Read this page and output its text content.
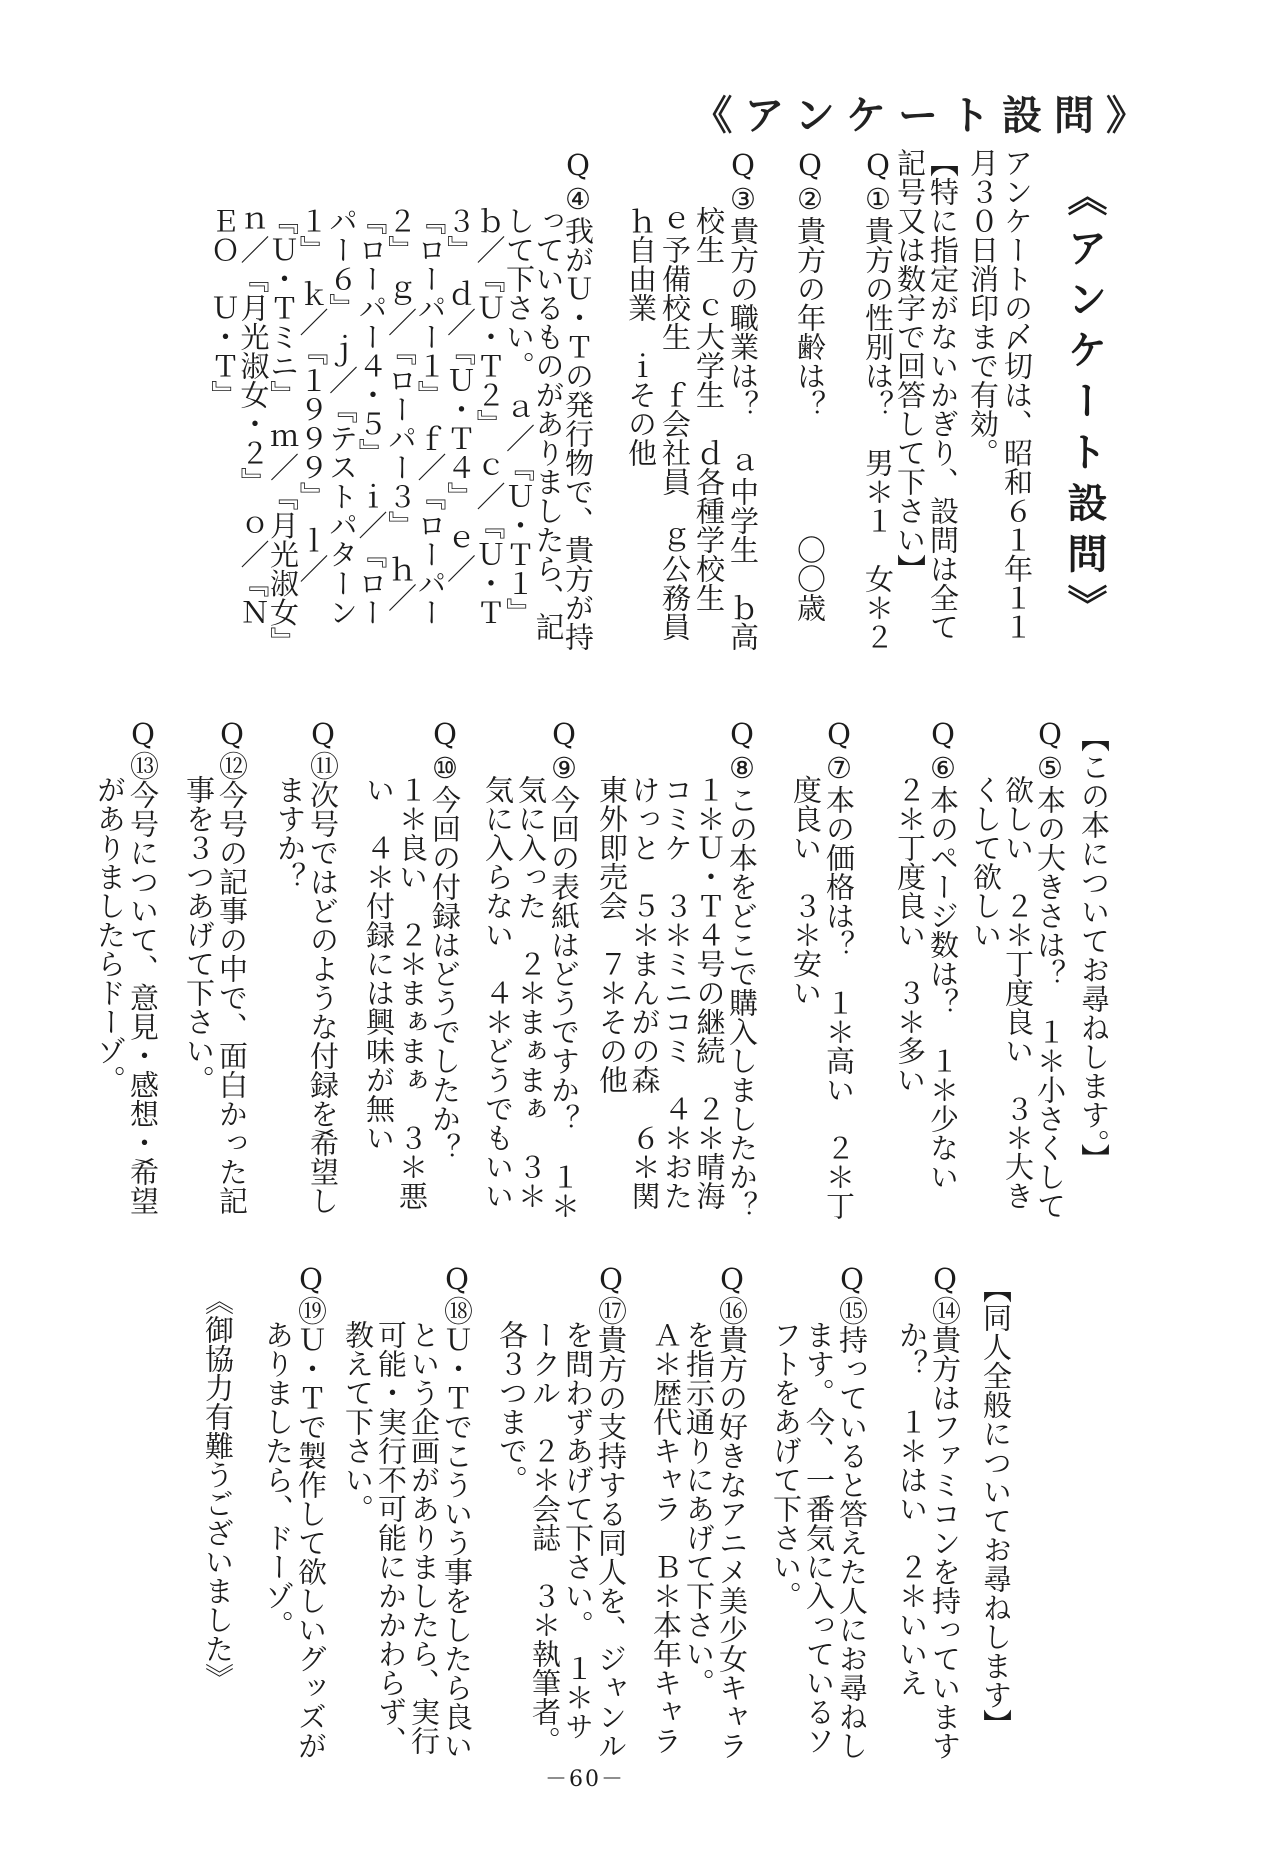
《アンケート設問》
《アンケート設問》
アンケートの〆切は、昭和６１年１１
月３０日消印まで有効。
【特に指定がないかぎり、設問は全て
記号又は数字で回答して下さい】
Q①貴方の性別は？　男＊１　女＊２
Q②貴方の年齢は？　　　　〇〇歳
Q③貴方の職業は？　ａ中学生　ｂ高
校生　ｃ大学生　ｄ各種学校生
ｅ予備校生　ｆ会社員　ｇ公務員
ｈ自由業　ｉその他
Q④我がＵ・Ｔの発行物で、貴方が持
っているものがありましたら、記
して下さい。　ａ／『Ｕ・Ｔ１』
ｂ／『Ｕ・Ｔ２』　ｃ／『Ｕ・Ｔ
３』　ｄ／『Ｕ・Ｔ４』　ｅ／
『ローパー１』　ｆ／『ローパー
２』　ｇ／『ローパー３』　ｈ／
『ローパー４・５』　ｉ／『ロー
パー６』　ｊ／『テストパターン
１』　ｋ／『１９９９』　ｌ／
『Ｕ・Ｔミニ』　ｍ／『月光淑女』
ｎ／『月光淑女・２』　ｏ／『Ｎ
ＥＯ　Ｕ・Ｔ』
【この本についてお尋ねします。】
Q⑤本の大きさは？　１＊小さくして
欲しい　２＊丁度良い　３＊大き
くして欲しい
Q⑥本のページ数は？　１＊少ない
２＊丁度良い　３＊多い
Q⑦本の価格は？　１＊高い　２＊丁
度良い　３＊安い
Q⑧この本をどこで購入しましたか？
１＊Ｕ・Ｔ４号の継続　２＊晴海
コミケ　３＊ミニコミ　４＊おた
けっと　５＊まんがの森　６＊関
東外即売会　７＊その他
Q⑨今回の表紙はどうですか？　１＊
気に入った　２＊まぁまぁ　３＊
気に入らない　４＊どうでもいい
Q⑩今回の付録はどうでしたか？
１＊良い　２＊まぁまぁ　３＊悪
い　４＊付録には興味が無い
Q⑪次号ではどのような付録を希望し
ますか？
Q⑫今号の記事の中で、面白かった記
事を３つあげて下さい。
Q⑬今号について、意見・感想・希望
がありましたらドーゾ。
【同人全般についてお尋ねします】
Q⑭貴方はファミコンを持っています
か？　１＊はい　２＊いいえ
Q⑮持っていると答えた人にお尋ねし
ます。今、一番気に入っているソ
フトをあげて下さい。
Q⑯貴方の好きなアニメ美少女キャラ
を指示通りにあげて下さい。
Ａ＊歴代キャラ　Ｂ＊本年キャラ
Q⑰貴方の支持する同人を、ジャンル
を問わずあげて下さい。　１＊サ
ークル　２＊会誌　３＊執筆者。
各３つまで。
Q⑱Ｕ・Ｔでこういう事をしたら良い
という企画がありましたら、実行
可能・実行不可能にかかわらず、
教えて下さい。
Q⑲Ｕ・Ｔで製作して欲しいグッズが
ありましたら、ドーゾ。
《御協力有難うございました》
－60－
